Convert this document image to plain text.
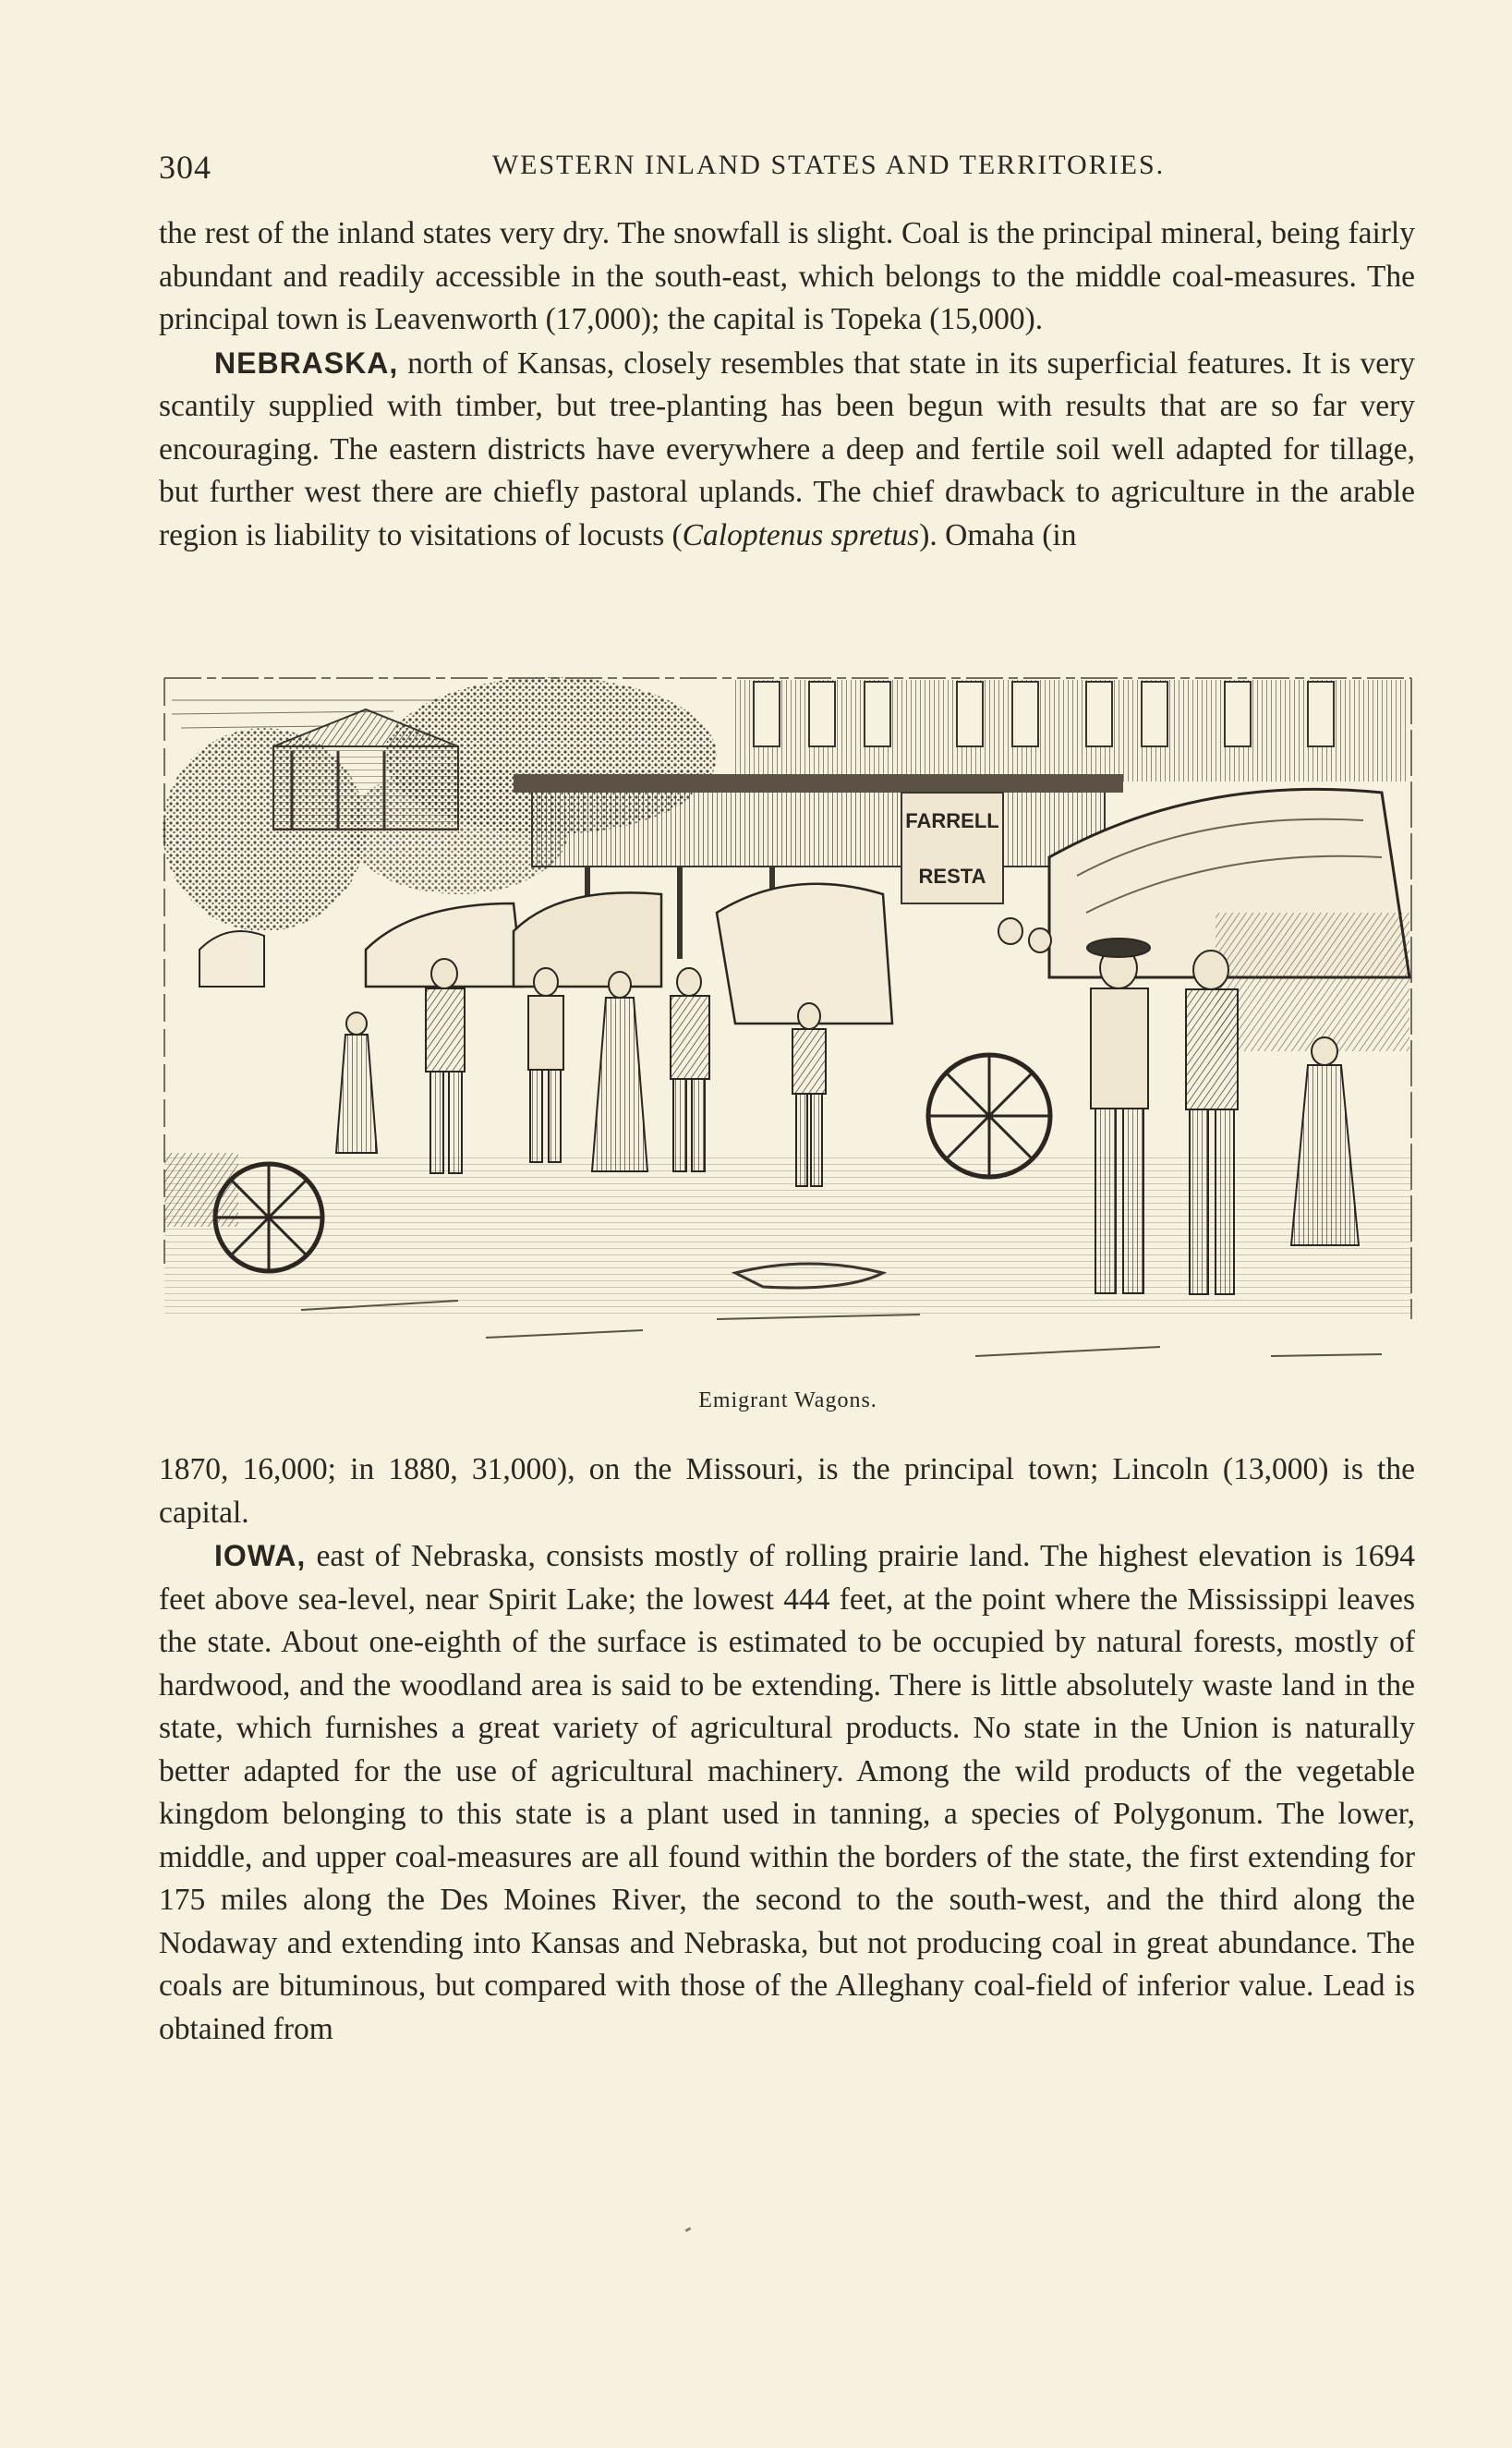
304	WESTERN INLAND STATES AND TERRITORIES.

the rest of the inland states very dry. The snowfall is slight. Coal is the principal mineral, being fairly abundant and readily accessible in the south-east, which belongs to the middle coal-measures. The principal town is Leavenworth (17,000); the capital is Topeka (15,000).

NEBRASKA, north of Kansas, closely resembles that state in its superficial features. It is very scantily supplied with timber, but tree-planting has been begun with results that are so far very encouraging. The eastern districts have everywhere a deep and fertile soil well adapted for tillage, but further west there are chiefly pastoral uplands. The chief drawback to agriculture in the arable region is liability to visitations of locusts (Caloptenus spretus). Omaha (in

FARRELL
RESTA
Emigrant Wagons.

1870, 16,000; in 1880, 31,000), on the Missouri, is the principal town; Lincoln (13,000) is the capital.

IOWA, east of Nebraska, consists mostly of rolling prairie land. The highest elevation is 1694 feet above sea-level, near Spirit Lake; the lowest 444 feet, at the point where the Mississippi leaves the state. About one-eighth of the surface is estimated to be occupied by natural forests, mostly of hardwood, and the woodland area is said to be extending. There is little absolutely waste land in the state, which furnishes a great variety of agricultural products. No state in the Union is naturally better adapted for the use of agricultural machinery. Among the wild products of the vegetable kingdom belonging to this state is a plant used in tanning, a species of Polygonum. The lower, middle, and upper coal-measures are all found within the borders of the state, the first extending for 175 miles along the Des Moines River, the second to the south-west, and the third along the Nodaway and extending into Kansas and Nebraska, but not producing coal in great abundance. The coals are bituminous, but compared with those of the Alleghany coal-field of inferior value. Lead is obtained from
